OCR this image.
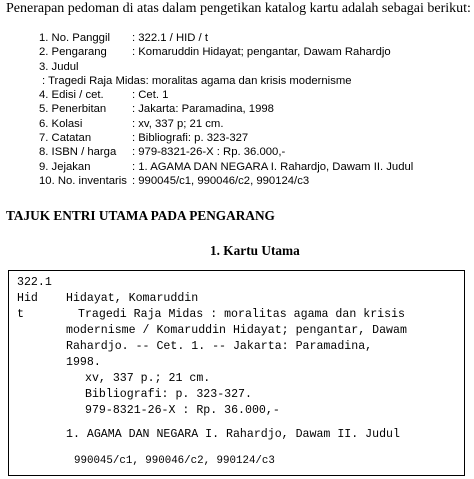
Penerapan pedoman di atas dalam pengetikan katalog kartu adalah sebagai berikut:

1. No. Panggil : 322.1 / HID / t
2. Pengarang : Komaruddin Hidayat; pengantar, Dawam Rahardjo
3. Judul
: Tragedi Raja Midas: moralitas agama dan krisis modernisme
4. Edisi / cet.	: Cet. 1
5. Penerbitan : Jakarta: Paramadina, 1998
6. Kolasi	: xv, 337 p; 21 cm.
7. Catatan	: Bibliografi: p. 323-327
8. ISBN / harga : 979-8321-26-X : Rp. 36.000,-
9. Jejakan	: 1. AGAMA DAN NEGARA I. Rahardjo, Dawam II. Judul
10. No. inventaris : 990045/c1, 990046/c2, 990124/c3
TAJUK ENTRI UTAMA PADA PENGARANG
1. Kartu Utama
322.1
Hid
t
Hidayat, Komaruddin
Tragedi Raja Midas : moralitas agama dan krisis
modernisme / Komaruddin Hidayat; pengantar, Dawam
Rahardjo. -- Cet. 1. -- Jakarta: Paramadina,
1998.
xv, 337 p.; 21 cm.
Bibliografi: p. 323-327.
979-8321-26-X : Rp. 36.000,-
1. AGAMA DAN NEGARA I. Rahardjo, Dawam II. Judul
990045/c1, 990046/c2, 990124/c3
